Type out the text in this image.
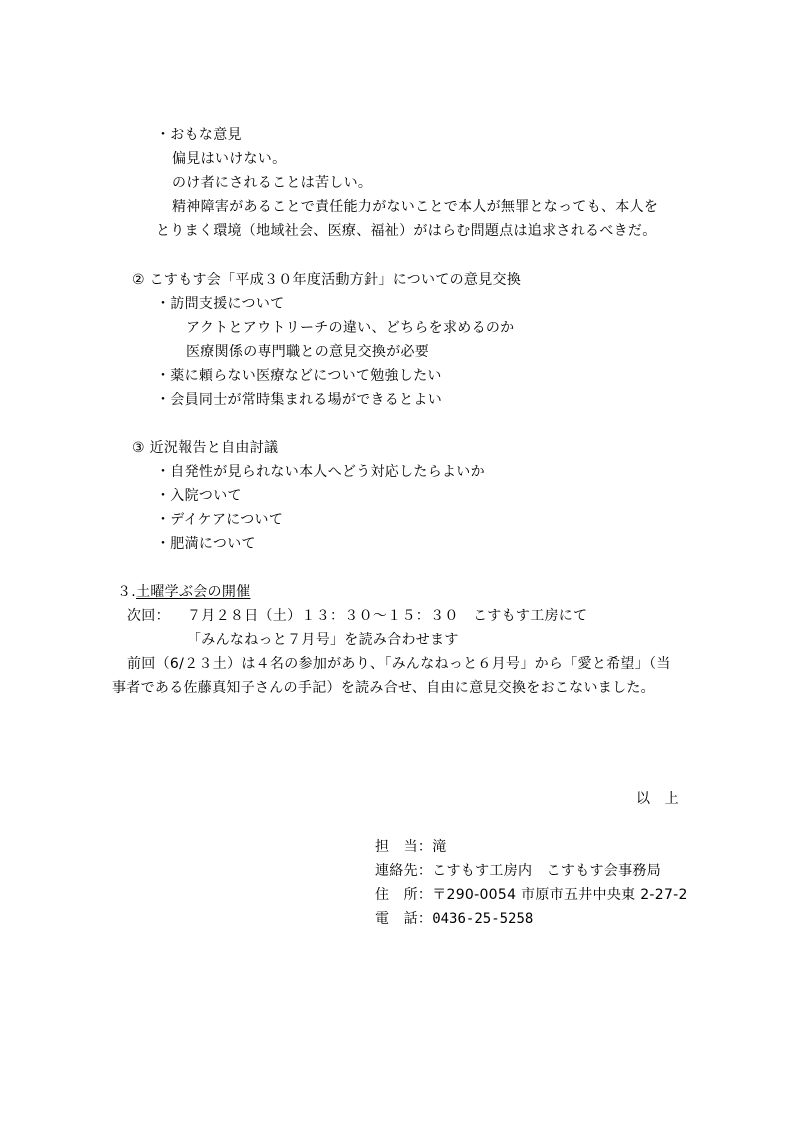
・おもな意見
偏見はいけない。
のけ者にされることは苦しい。
精神障害があることで責任能力がないことで本人が無罪となっても、本人を
とりまく環境（地域社会、医療、福祉）がはらむ問題点は追求されるべきだ。
② こすもす会「平成３０年度活動方針」についての意見交換
・訪問支援について
アクトとアウトリーチの違い、どちらを求めるのか
医療関係の専門職との意見交換が必要
・薬に頼らない医療などについて勉強したい
・会員同士が常時集まれる場ができるとよい
③ 近況報告と自由討議
・自発性が見られない本人へどう対応したらよいか
・入院ついて
・デイケアについて
・肥満について
３.土曜学ぶ会の開催
次回： ７月２８日（土）１３：３０～１５：３０　こすもす工房にて
「みんなねっと７月号」を読み合わせます
前回（6/２３土）は４名の参加があり、「みんなねっと６月号」から「愛と希望」（当
事者である佐藤真知子さんの手記）を読み合せ、自由に意見交換をおこないました。
以　上
担　当：滝
連絡先：こすもす工房内　こすもす会事務局
住　所：〒290-0054 市原市五井中央東 2-27-2
電　話：0436-25-5258
